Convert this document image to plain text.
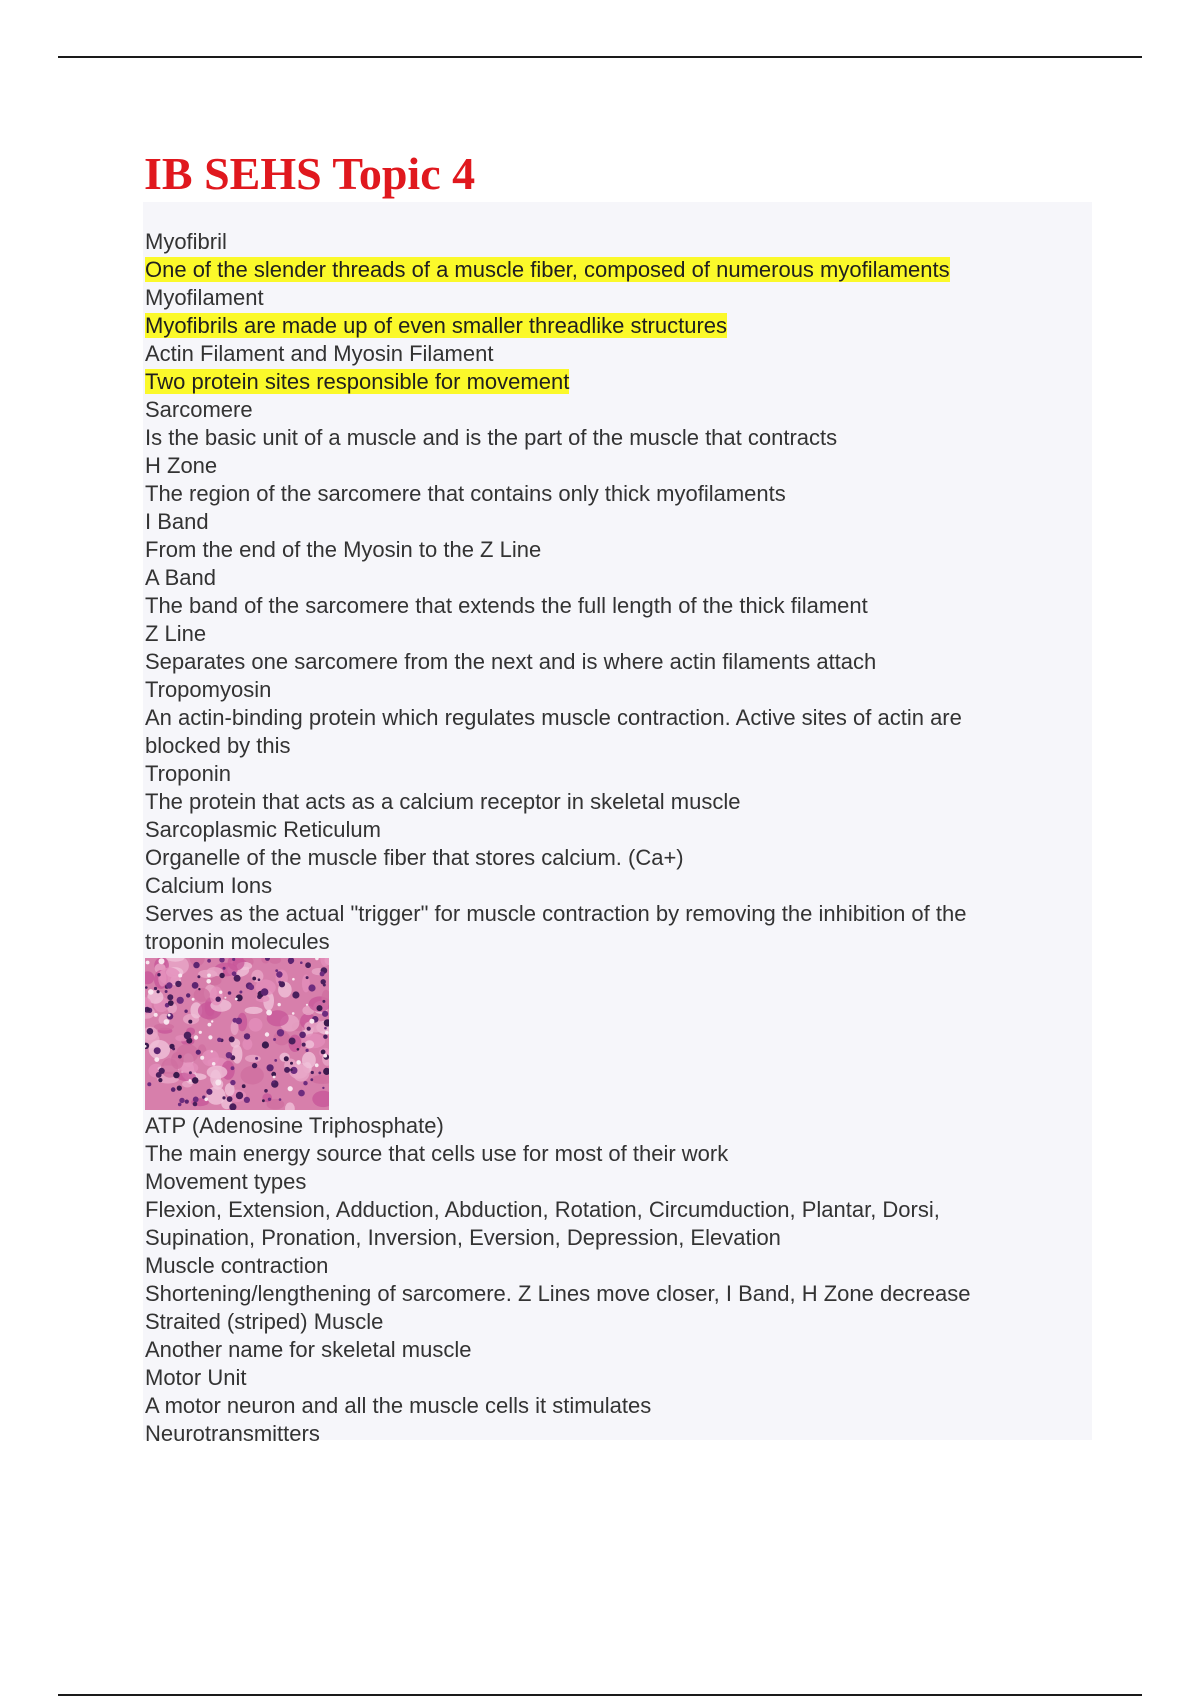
IB SEHS Topic 4
Myofibril
One of the slender threads of a muscle fiber, composed of numerous myofilaments
Myofilament
Myofibrils are made up of even smaller threadlike structures
Actin Filament and Myosin Filament
Two protein sites responsible for movement
Sarcomere
Is the basic unit of a muscle and is the part of the muscle that contracts
H Zone
The region of the sarcomere that contains only thick myofilaments
I Band
From the end of the Myosin to the Z Line
A Band
The band of the sarcomere that extends the full length of the thick filament
Z Line
Separates one sarcomere from the next and is where actin filaments attach
Tropomyosin
An actin-binding protein which regulates muscle contraction. Active sites of actin are
blocked by this
Troponin
The protein that acts as a calcium receptor in skeletal muscle
Sarcoplasmic Reticulum
Organelle of the muscle fiber that stores calcium. (Ca+)
Calcium Ions
Serves as the actual "trigger" for muscle contraction by removing the inhibition of the
troponin molecules
ATP (Adenosine Triphosphate)
The main energy source that cells use for most of their work
Movement types
Flexion, Extension, Adduction, Abduction, Rotation, Circumduction, Plantar, Dorsi,
Supination, Pronation, Inversion, Eversion, Depression, Elevation
Muscle contraction
Shortening/lengthening of sarcomere. Z Lines move closer, I Band, H Zone decrease
Straited (striped) Muscle
Another name for skeletal muscle
Motor Unit
A motor neuron and all the muscle cells it stimulates
Neurotransmitters
